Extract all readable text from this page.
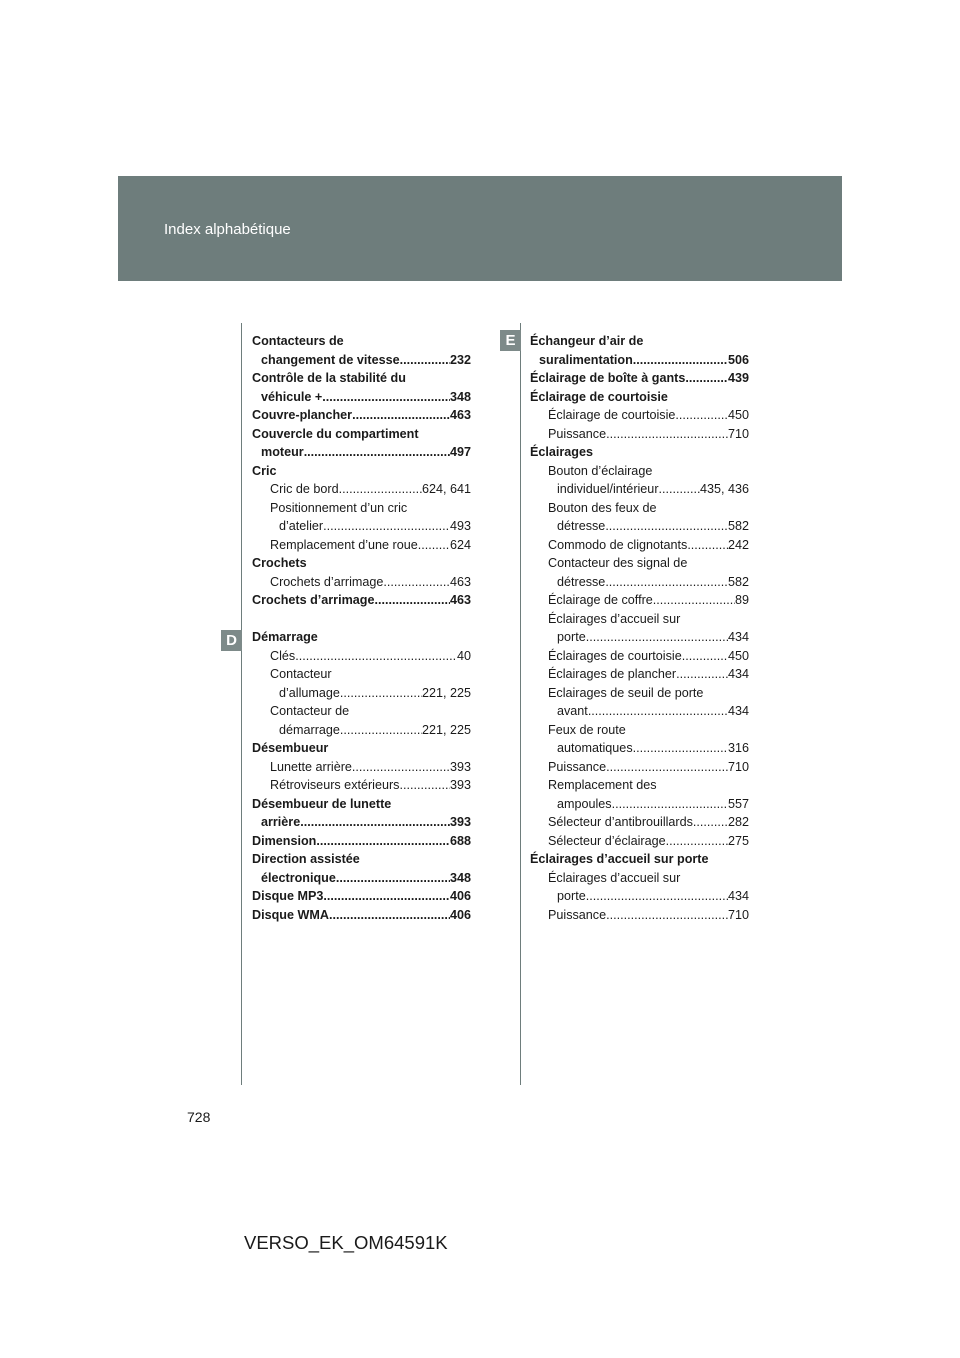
Index alphabétique
E
D
Contacteurs de
changement de vitesse .....	232
Contrôle de la stabilité du
véhicule + .....	348
Couvre-plancher .....	463
Couvercle du compartiment
moteur .....	497
Cric
Cric de bord .....	624, 641
Positionnement d’un cric
d’atelier .....	493
Remplacement d’une roue .....	624
Crochets
Crochets d’arrimage .....	463
Crochets d’arrimage .....	463
Démarrage
Clés .....	40
Contacteur
d’allumage .....	221, 225
Contacteur de
démarrage .....	221, 225
Désembueur
Lunette arrière .....	393
Rétroviseurs extérieurs .....	393
Désembueur de lunette
arrière .....	393
Dimension .....	688
Direction assistée
électronique .....	348
Disque MP3 .....	406
Disque WMA .....	406
Échangeur d’air de
suralimentation .....	506
Éclairage de boîte à gants .....	439
Éclairage de courtoisie
Éclairage de courtoisie .....	450
Puissance .....	710
Éclairages
Bouton d’éclairage
individuel/intérieur .....	435, 436
Bouton des feux de
détresse .....	582
Commodo de clignotants .....	242
Contacteur des signal de
détresse .....	582
Éclairage de coffre .....	89
Éclairages d’accueil sur
porte .....	434
Éclairages de courtoisie .....	450
Éclairages de plancher .....	434
Eclairages de seuil de porte
avant .....	434
Feux de route
automatiques .....	316
Puissance .....	710
Remplacement des
ampoules .....	557
Sélecteur d’antibrouillards .....	282
Sélecteur d’éclairage .....	275
Éclairages d’accueil sur porte
Éclairages d’accueil sur
porte .....	434
Puissance .....	710
728
VERSO_EK_OM64591K
